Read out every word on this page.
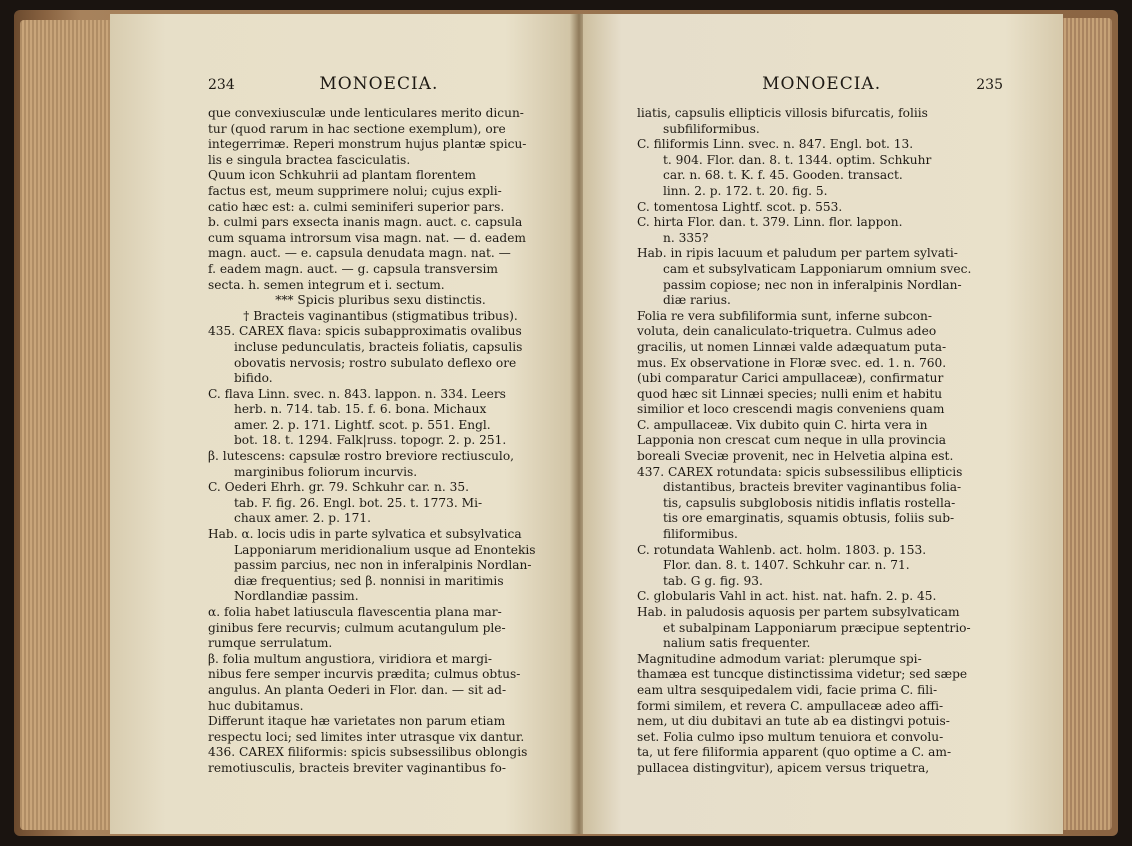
234	MONOECIA.

que convexiusculæ unde lenticulares merito dicun-

tur (quod rarum in hac sectione exemplum), ore

integerrimæ. Reperi monstrum hujus plantæ spicu-

lis e singula bractea fasciculatis.

Quum icon Schkuhrii ad plantam florentem

factus est, meum supprimere nolui; cujus expli-

catio hæc est: a. culmi seminiferi superior pars.

b. culmi pars exsecta inanis magn. auct. c. capsula

cum squama introrsum visa magn. nat. — d. eadem

magn. auct. — e. capsula denudata magn. nat. —

f. eadem magn. auct. — g. capsula transversim

secta. h. semen integrum et i. sectum.

*** Spicis pluribus sexu distinctis.

† Bracteis vaginantibus (stigmatibus tribus).

435. CAREX flava: spicis subapproximatis ovalibus

incluse pedunculatis, bracteis foliatis, capsulis

obovatis nervosis; rostro subulato deflexo ore

bifido.

C. flava Linn. svec. n. 843. lappon. n. 334. Leers

herb. n. 714. tab. 15. f. 6. bona. Michaux

amer. 2. p. 171. Lightf. scot. p. 551. Engl.

bot. 18. t. 1294. Falk|russ. topogr. 2. p. 251.

β. lutescens: capsulæ rostro breviore rectiusculo,

marginibus foliorum incurvis.

C. Oederi Ehrh. gr. 79. Schkuhr car. n. 35.

tab. F. fig. 26. Engl. bot. 25. t. 1773. Mi-

chaux amer. 2. p. 171.

Hab. α. locis udis in parte sylvatica et subsylvatica

Lapponiarum meridionalium usque ad Enontekis

passim parcius, nec non in inferalpinis Nordlan-

diæ frequentius; sed β. nonnisi in maritimis

Nordlandiæ passim.

α. folia habet latiuscula flavescentia plana mar-

ginibus fere recurvis; culmum acutangulum ple-

rumque serrulatum.

β. folia multum angustiora, viridiora et margi-

nibus fere semper incurvis prædita; culmus obtus-

angulus. An planta Oederi in Flor. dan. — sit ad-

huc dubitamus.

Differunt itaque hæ varietates non parum etiam

respectu loci; sed limites inter utrasque vix dantur.

436. CAREX filiformis: spicis subsessilibus oblongis

remotiusculis, bracteis breviter vaginantibus fo-

MONOECIA.	235

liatis, capsulis ellipticis villosis bifurcatis, foliis

subfiliformibus.

C. filiformis Linn. svec. n. 847. Engl. bot. 13.

t. 904. Flor. dan. 8. t. 1344. optim. Schkuhr

car. n. 68. t. K. f. 45. Gooden. transact.

linn. 2. p. 172. t. 20. fig. 5.

C. tomentosa Lightf. scot. p. 553.

C. hirta Flor. dan. t. 379. Linn. flor. lappon.

n. 335?

Hab. in ripis lacuum et paludum per partem sylvati-

cam et subsylvaticam Lapponiarum omnium svec.

passim copiose; nec non in inferalpinis Nordlan-

diæ rarius.

Folia re vera subfiliformia sunt, inferne subcon-

voluta, dein canaliculato-triquetra. Culmus adeo

gracilis, ut nomen Linnæi valde adæquatum puta-

mus. Ex observatione in Floræ svec. ed. 1. n. 760.

(ubi comparatur Carici ampullaceæ), confirmatur

quod hæc sit Linnæi species; nulli enim et habitu

similior et loco crescendi magis conveniens quam

C. ampullaceæ. Vix dubito quin C. hirta vera in

Lapponia non crescat cum neque in ulla provincia

boreali Sveciæ provenit, nec in Helvetia alpina est.

437. CAREX rotundata: spicis subsessilibus ellipticis

distantibus, bracteis breviter vaginantibus folia-

tis, capsulis subglobosis nitidis inflatis rostella-

tis ore emarginatis, squamis obtusis, foliis sub-

filiformibus.

C. rotundata Wahlenb. act. holm. 1803. p. 153.

Flor. dan. 8. t. 1407. Schkuhr car. n. 71.

tab. G g. fig. 93.

C. globularis Vahl in act. hist. nat. hafn. 2. p. 45.

Hab. in paludosis aquosis per partem subsylvaticam

et subalpinam Lapponiarum præcipue septentrio-

nalium satis frequenter.

Magnitudine admodum variat: plerumque spi-

thamæa est tuncque distinctissima videtur; sed sæpe

eam ultra sesquipedalem vidi, facie prima C. fili-

formi similem, et revera C. ampullaceæ adeo affi-

nem, ut diu dubitavi an tute ab ea distingvi potuis-

set. Folia culmo ipso multum tenuiora et convolu-

ta, ut fere filiformia apparent (quo optime a C. am-

pullacea distingvitur), apicem versus triquetra,
